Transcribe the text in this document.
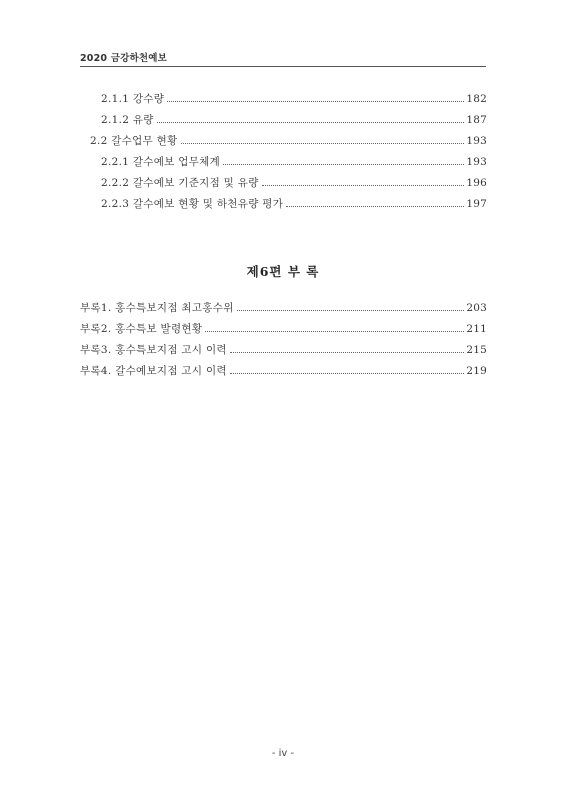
2020 금강하천예보
2.1.1 강수량	182
2.1.2 유량	187
2.2 갈수업무 현황	193
2.2.1 갈수예보 업무체계	193
2.2.2 갈수예보 기준지점 및 유량	196
2.2.3 갈수예보 현황 및 하천유량 평가	197
제6편 부 록
부록1. 홍수특보지점 최고홍수위	203
부록2. 홍수특보 발령현황	211
부록3. 홍수특보지점 고시 이력	215
부록4. 갈수예보지점 고시 이력	219
- iv -
